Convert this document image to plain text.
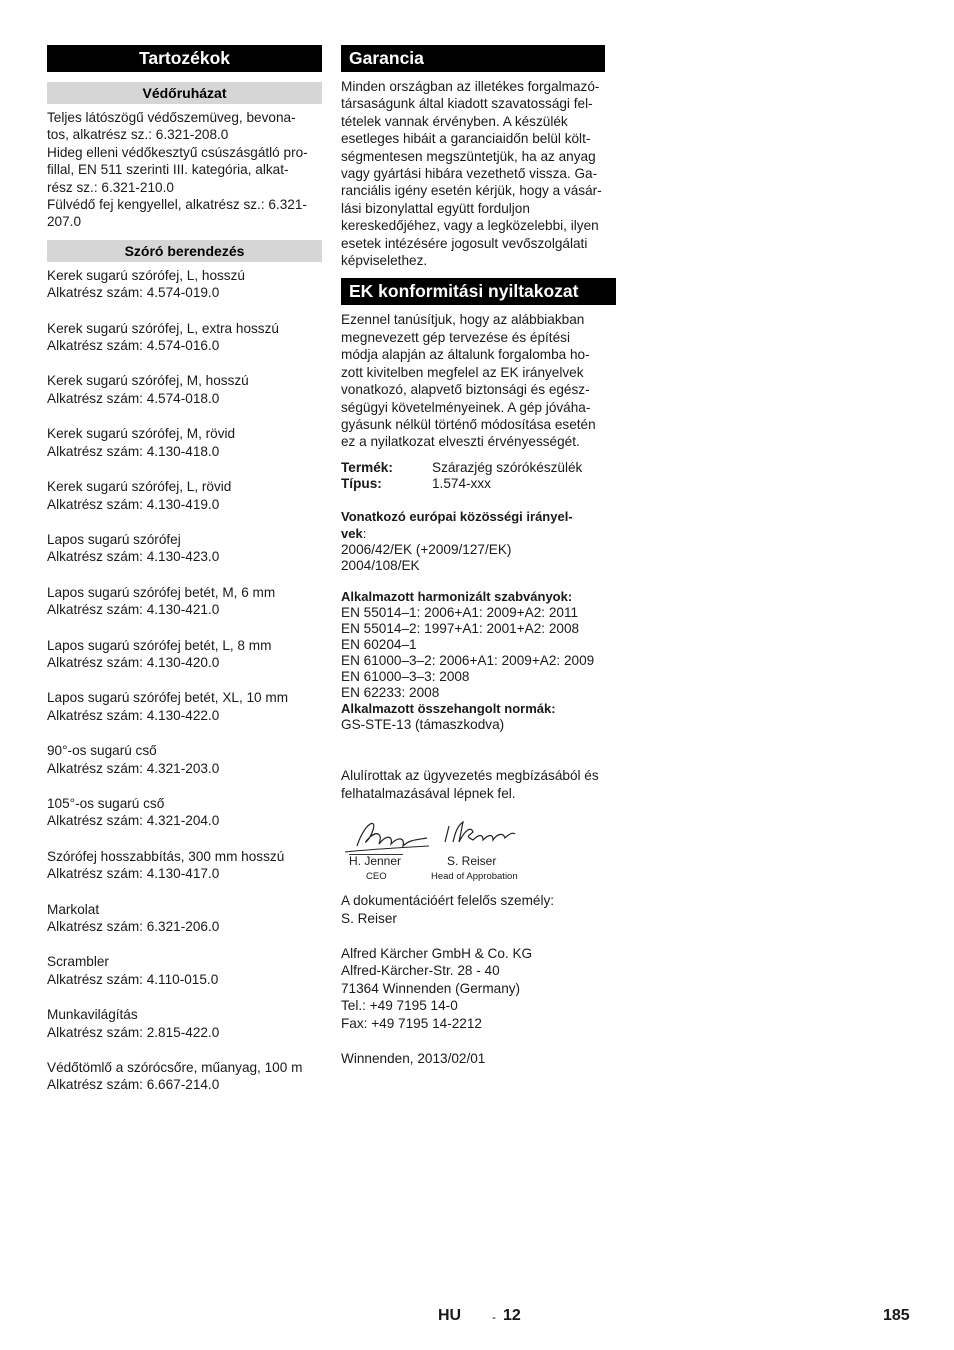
Tartozékok
Védőruházat
Teljes látószögű védőszemüveg, bevona-
tos, alkatrész sz.: 6.321-208.0
Hideg elleni védőkesztyű csúszásgátló pro-
fillal, EN 511 szerinti III. kategória, alkat-
rész sz.: 6.321-210.0
Fülvédő fej kengyellel, alkatrész sz.: 6.321-
207.0
Szóró berendezés
Kerek sugarú szórófej, L, hosszú
Alkatrész szám: 4.574-019.0
Kerek sugarú szórófej, L, extra hosszú
Alkatrész szám: 4.574-016.0
Kerek sugarú szórófej, M, hosszú
Alkatrész szám: 4.574-018.0
Kerek sugarú szórófej, M, rövid
Alkatrész szám: 4.130-418.0
Kerek sugarú szórófej, L, rövid
Alkatrész szám: 4.130-419.0
Lapos sugarú szórófej
Alkatrész szám: 4.130-423.0
Lapos sugarú szórófej betét, M, 6 mm
Alkatrész szám: 4.130-421.0
Lapos sugarú szórófej betét, L, 8 mm
Alkatrész szám: 4.130-420.0
Lapos sugarú szórófej betét, XL, 10 mm
Alkatrész szám: 4.130-422.0
90°-os sugarú cső
Alkatrész szám: 4.321-203.0
105°-os sugarú cső
Alkatrész szám: 4.321-204.0
Szórófej hosszabbítás, 300 mm hosszú
Alkatrész szám: 4.130-417.0
Markolat
Alkatrész szám: 6.321-206.0
Scrambler
Alkatrész szám: 4.110-015.0
Munkavilágítás
Alkatrész szám: 2.815-422.0
Védőtömlő a szórócsőre, műanyag, 100 m
Alkatrész szám: 6.667-214.0
Garancia
Minden országban az illetékes forgalmazó-
társaságunk által kiadott szavatossági fel-
tételek vannak érvényben. A készülék
esetleges hibáit a garanciaidőn belül költ-
ségmentesen megszüntetjük, ha az anyag
vagy gyártási hibára vezethető vissza. Ga-
ranciális igény esetén kérjük, hogy a vásár-
lási bizonylattal együtt forduljon
kereskedőjéhez, vagy a legközelebbi, ilyen
esetek intézésére jogosult vevőszolgálati
képviselethez.
EK konformitási nyiltakozat
Ezennel tanúsítjuk, hogy az alábbiakban
megnevezett gép tervezése és építési
módja alapján az általunk forgalomba ho-
zott kivitelben megfelel az EK irányelvek
vonatkozó, alapvető biztonsági és egész-
ségügyi követelményeinek. A gép jóváha-
gyásunk nélkül történő módosítása esetén
ez a nyilatkozat elveszti érvényességét.
Termék:	Szárazjég szórókészülék
Típus:	1.574-xxx
Vonatkozó európai közösségi irányel-
vek:
2006/42/EK (+2009/127/EK)
2004/108/EK
Alkalmazott harmonizált szabványok:
EN 55014–1: 2006+A1: 2009+A2: 2011
EN 55014–2: 1997+A1: 2001+A2: 2008
EN 60204–1
EN 61000–3–2: 2006+A1: 2009+A2: 2009
EN 61000–3–3: 2008
EN 62233: 2008
Alkalmazott összehangolt normák:
GS-STE-13 (támaszkodva)
Alulírottak az ügyvezetés megbízásából és
felhatalmazásával lépnek fel.
H. Jenner
CEO
S. Reiser
Head of Approbation
A dokumentációért felelős személy:
S. Reiser
Alfred Kärcher GmbH & Co. KG
Alfred-Kärcher-Str. 28 - 40
71364 Winnenden (Germany)
Tel.: +49 7195 14-0
Fax: +49 7195 14-2212
Winnenden, 2013/02/01
HU	- 12	185
